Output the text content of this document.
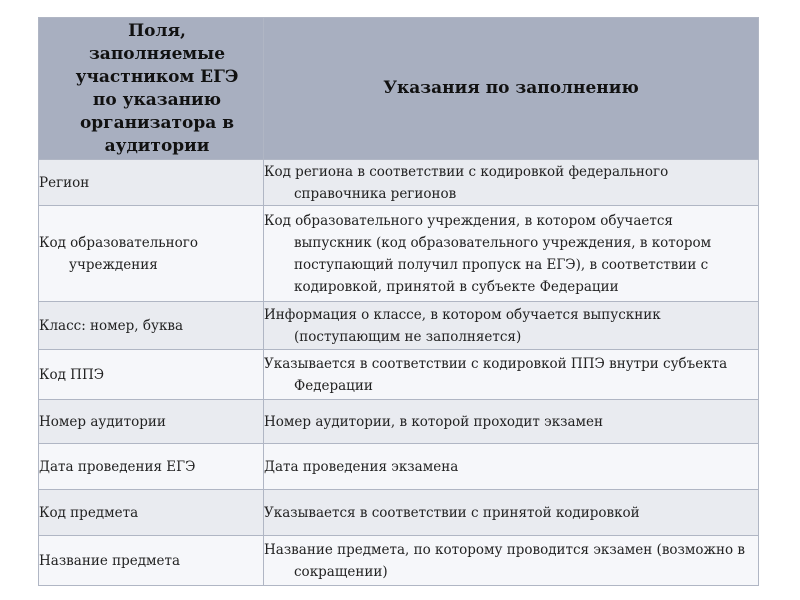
Поля, заполняемые участником ЕГЭ по указанию организатора в аудитории	Указания по заполнению

Регион	Код региона в соответствии с кодировкой федерального справочника регионов

Код образовательного учреждения	Код образовательного учреждения, в котором обучается выпускник (код образовательного учреждения, в котором поступающий получил пропуск на ЕГЭ), в соответствии с кодировкой, принятой в субъекте Федерации

Класс: номер, буква	Информация о классе, в котором обучается выпускник (поступающим не заполняется)

Код ППЭ	Указывается в соответствии с кодировкой ППЭ внутри субъекта Федерации

Номер аудитории	Номер аудитории, в которой проходит экзамен

Дата проведения ЕГЭ	Дата проведения экзамена

Код предмета	Указывается в соответствии с принятой кодировкой

Название предмета	Название предмета, по которому проводится экзамен (возможно в сокращении)
